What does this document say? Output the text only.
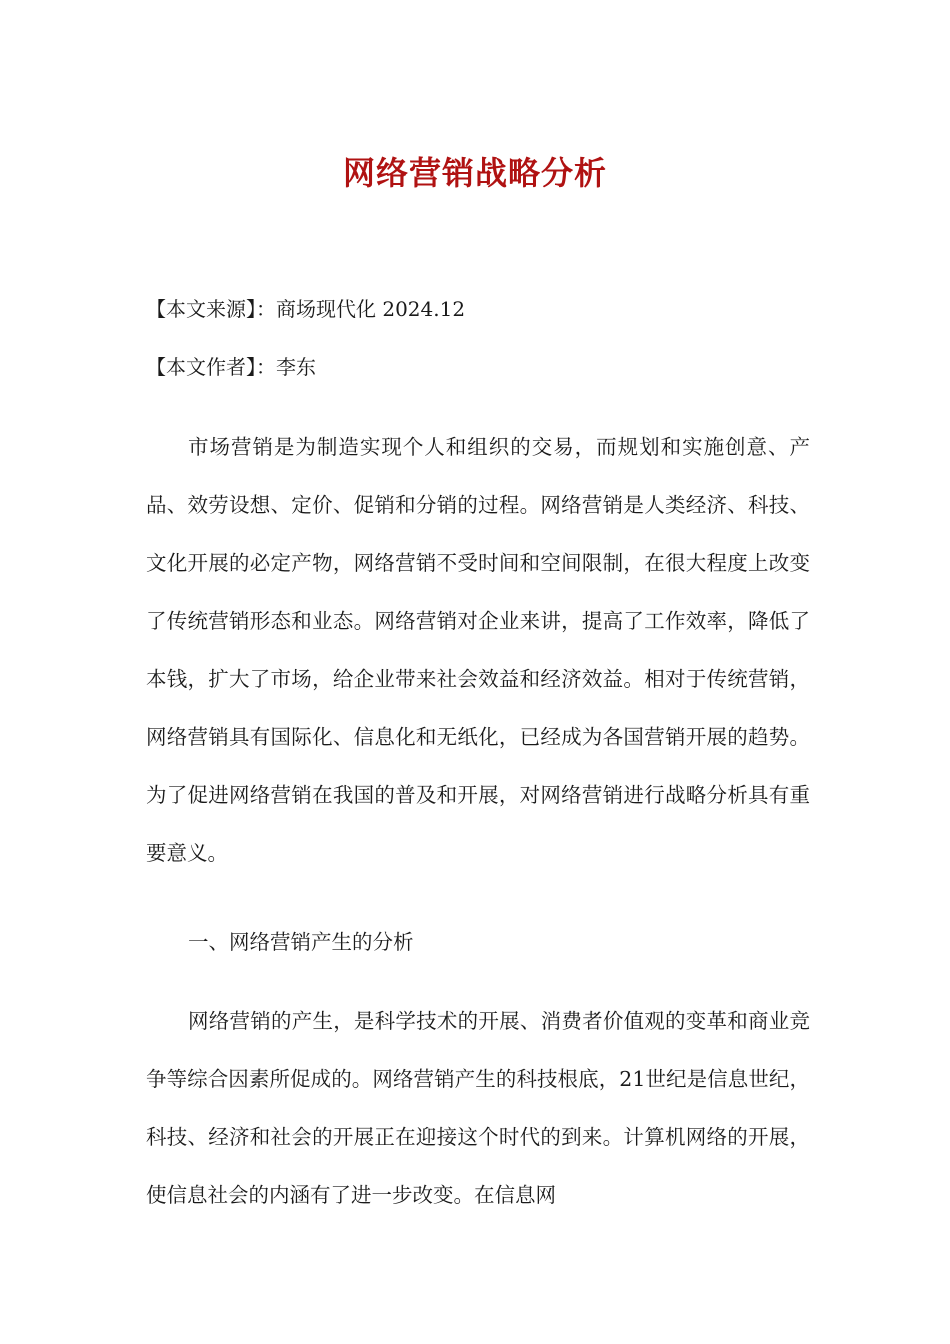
网络营销战略分析
【本文来源】：商场现代化 2024.12
【本文作者】：李东

市场营销是为制造实现个人和组织的交易，而规划和实施创意、产品、效劳设想、定价、促销和分销的过程。网络营销是人类经济、科技、文化开展的必定产物，网络营销不受时间和空间限制，在很大程度上改变了传统营销形态和业态。网络营销对企业来讲，提高了工作效率，降低了本钱，扩大了市场，给企业带来社会效益和经济效益。相对于传统营销，网络营销具有国际化、信息化和无纸化，已经成为各国营销开展的趋势。为了促进网络营销在我国的普及和开展，对网络营销进行战略分析具有重要意义。

一、网络营销产生的分析

网络营销的产生，是科学技术的开展、消费者价值观的变革和商业竞争等综合因素所促成的。网络营销产生的科技根底，21世纪是信息世纪，科技、经济和社会的开展正在迎接这个时代的到来。计算机网络的开展，使信息社会的内涵有了进一步改变。在信息网
